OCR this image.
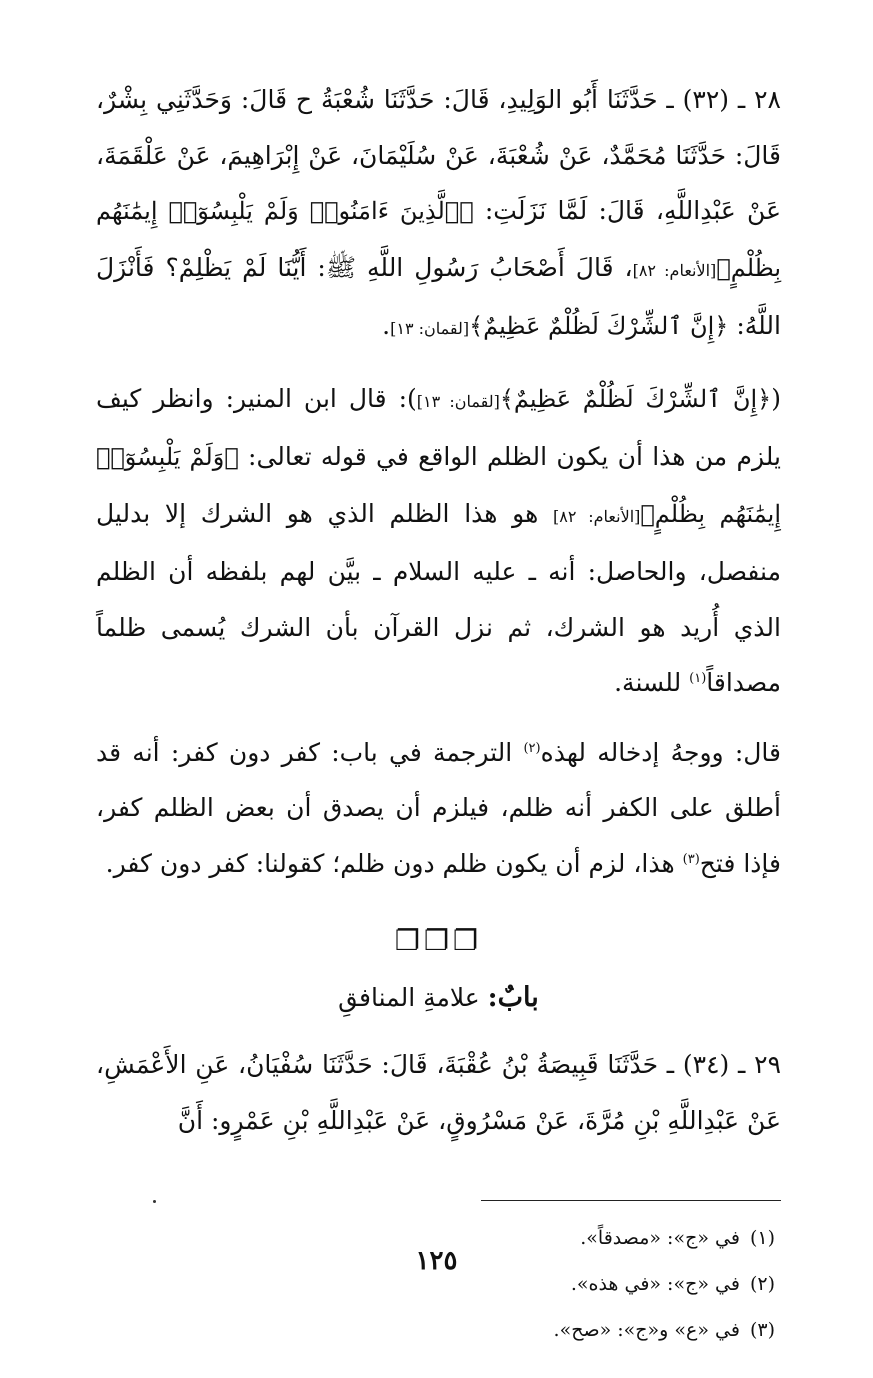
٢٨ ـ (٣٢) ـ حَدَّثَنَا أَبُو الوَلِيدِ، قَالَ: حَدَّثَنَا شُعْبَةُ ح قَالَ: وَحَدَّثَنِي بِشْرٌ، قَالَ: حَدَّثَنَا مُحَمَّدٌ، عَنْ شُعْبَةَ، عَنْ سُلَيْمَانَ، عَنْ إِبْرَاهِيمَ، عَنْ عَلْقَمَةَ، عَنْ عَبْدِاللَّهِ، قَالَ: لَمَّا نَزَلَتِ: ﴿ٱلَّذِينَ ءَامَنُوا۟ وَلَمْ يَلْبِسُوٓا۟ إِيمَٰنَهُم بِظُلْمٍ﴾[الأنعام: ٨٢]، قَالَ أَصْحَابُ رَسُولِ اللَّهِ ﷺ: أَيُّنَا لَمْ يَظْلِمْ؟ فَأَنْزَلَ اللَّهُ: ﴿إِنَّ ٱلشِّرْكَ لَظُلْمٌ عَظِيمٌ﴾[لقمان: ١٣].

(﴿إِنَّ ٱلشِّرْكَ لَظُلْمٌ عَظِيمٌ﴾[لقمان: ١٣]): قال ابن المنير: وانظر كيف يلزم من هذا أن يكون الظلم الواقع في قوله تعالى: ﴿وَلَمْ يَلْبِسُوٓا۟ إِيمَٰنَهُم بِظُلْمٍ﴾[الأنعام: ٨٢] هو هذا الظلم الذي هو الشرك إلا بدليل منفصل، والحاصل: أنه ـ عليه السلام ـ بيَّن لهم بلفظه أن الظلم الذي أُريد هو الشرك، ثم نزل القرآن بأن الشرك يُسمى ظلماً مصداقاً$^{(١)}$ للسنة.

قال: ووجهُ إدخاله لهذه$^{(٢)}$ الترجمة في باب: كفر دون كفر: أنه قد أطلق على الكفر أنه ظلم، فيلزم أن يصدق أن بعض الظلم كفر، فإذا فتح$^{(٣)}$ هذا، لزم أن يكون ظلم دون ظلم؛ كقولنا: كفر دون كفر.

❐❐❐
بابٌ: علامةِ المنافقِ

٢٩ ـ (٣٤) ـ حَدَّثَنَا قَبِيصَةُ بْنُ عُقْبَةَ، قَالَ: حَدَّثَنَا سُفْيَانُ، عَنِ الأَعْمَشِ، عَنْ عَبْدِاللَّهِ بْنِ مُرَّةَ، عَنْ مَسْرُوقٍ، عَنْ عَبْدِاللَّهِ بْنِ عَمْرٍو: أَنَّ

(١)في «ج»: «مصدقاً».

(٢)في «ج»: «في هذه».

(٣)في «ع» و«ج»: «صح».

١٢٥
